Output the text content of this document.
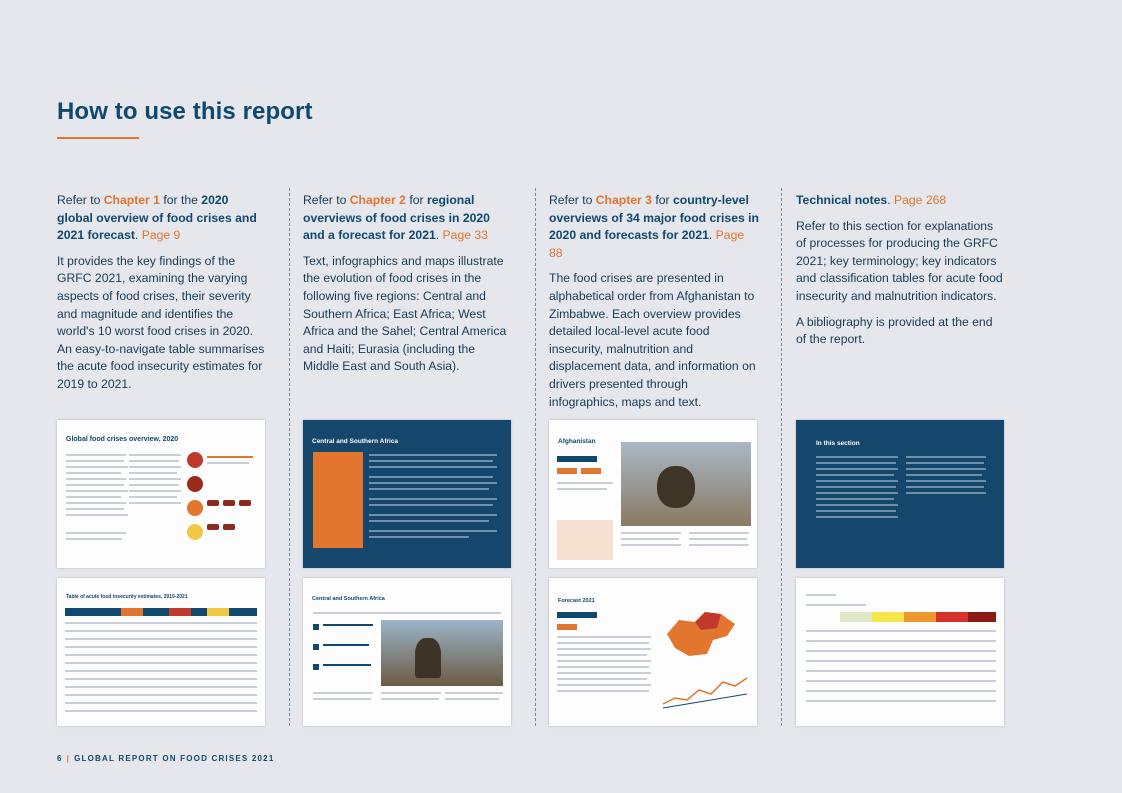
How to use this report

Refer to Chapter 1 for the 2020 global overview of food crises and 2021 forecast. Page 9

It provides the key findings of the GRFC 2021, examining the varying aspects of food crises, their severity and magnitude and identifies the world's 10 worst food crises in 2020. An easy-to-navigate table summarises the acute food insecurity estimates for 2019 to 2021.

Refer to Chapter 2 for regional overviews of food crises in 2020 and a forecast for 2021. Page 33

Text, infographics and maps illustrate the evolution of food crises in the following five regions: Central and Southern Africa; East Africa; West Africa and the Sahel; Central America and Haiti; Eurasia (including the Middle East and South Asia).

Refer to Chapter 3 for country-level overviews of 34 major food crises in 2020 and forecasts for 2021. Page 88

The food crises are presented in alphabetical order from Afghanistan to Zimbabwe. Each overview provides detailed local-level acute food insecurity, malnutrition and displacement data, and information on drivers presented through infographics, maps and text.

Technical notes. Page 268

Refer to this section for explanations of processes for producing the GRFC 2021; key terminology; key indicators and classification tables for acute food insecurity and malnutrition indicators.

A bibliography is provided at the end of the report.

Global food crises overview, 2020	Central and Southern Africa	Afghanistan	In this section
Table of acute food insecurity estimates, 2019-2021	Central and Southern Africa	Forecast 2021
6 | GLOBAL REPORT ON FOOD CRISES 2021
